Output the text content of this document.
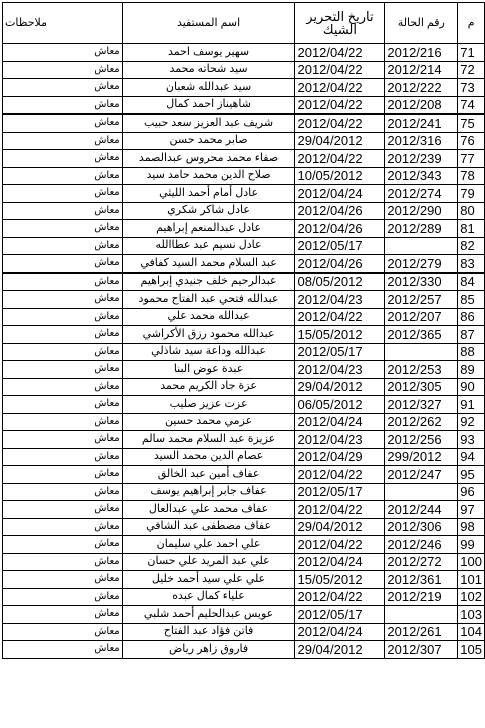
م	رقم الحالة	تاريخ التحرير الشيك	اسم المستفيد	ملاحظات
71	2012/216	2012/04/22	سهير يوسف احمد	معاش
72	2012/214	2012/04/22	سيد شحاته محمد	معاش
73	2012/222	2012/04/22	سيد عبدالله شعبان	معاش
74	2012/208	2012/04/22	شاهيناز احمد كمال	معاش
75	2012/241	2012/04/22	شريف عبد العزيز سعد حبيب	معاش
76	2012/316	29/04/2012	صابر محمد حسن	معاش
77	2012/239	2012/04/22	صفاء محمد محروس عبدالصمد	معاش
78	2012/343	10/05/2012	صلاح الدين محمد حامد سيد	معاش
79	2012/274	2012/04/24	عادل أمام أحمد الليثي	معاش
80	2012/290	2012/04/26	عادل شاكر شكري	معاش
81	2012/289	2012/04/26	عادل عبدالمنعم إبراهيم	معاش
82		2012/05/17	عادل نسيم عبد عطاالله	معاش
83	2012/279	2012/04/26	عبد السلام محمد السيد كفافي	معاش
84	2012/330	08/05/2012	عبدالرحيم خلف جنيدي إبراهيم	معاش
85	2012/257	2012/04/23	عبدالله فتحي عبد الفتاح محمود	معاش
86	2012/207	2012/04/22	عبدالله محمد علي	معاش
87	2012/365	15/05/2012	عبدالله محمود رزق الأكراشي	معاش
88		2012/05/17	عبدالله وداعة سيد شاذلي	معاش
89	2012/253	2012/04/23	عبدة عوض البنا	معاش
90	2012/305	29/04/2012	عزة جاد الكريم محمد	معاش
91	2012/327	06/05/2012	عزت عزيز صليب	معاش
92	2012/262	2012/04/24	عزمي محمد حسين	معاش
93	2012/256	2012/04/23	عزيزة عبد السلام محمد سالم	معاش
94	299/2012	2012/04/29	عصام الدين محمد السيد	معاش
95	2012/247	2012/04/22	عفاف أمين عبد الخالق	معاش
96		2012/05/17	عفاف جابر إبراهيم يوسف	معاش
97	2012/244	2012/04/22	عفاف محمد علي عبدالعال	معاش
98	2012/306	29/04/2012	عفاف مصطفى عبد الشافي	معاش
99	2012/246	2012/04/22	علي احمد علي سليمان	معاش
100	2012/272	2012/04/24	علي عبد المريد علي حسان	معاش
101	2012/361	15/05/2012	علي علي سيد أحمد خليل	معاش
102	2012/219	2012/04/22	علياء كمال عبده	معاش
103		2012/05/17	عويس عبدالحليم أحمد شلبي	معاش
104	2012/261	2012/04/24	فاتن فؤاد عبد الفتاح	معاش
105	2012/307	29/04/2012	فاروق زاهر رياض	معاش
